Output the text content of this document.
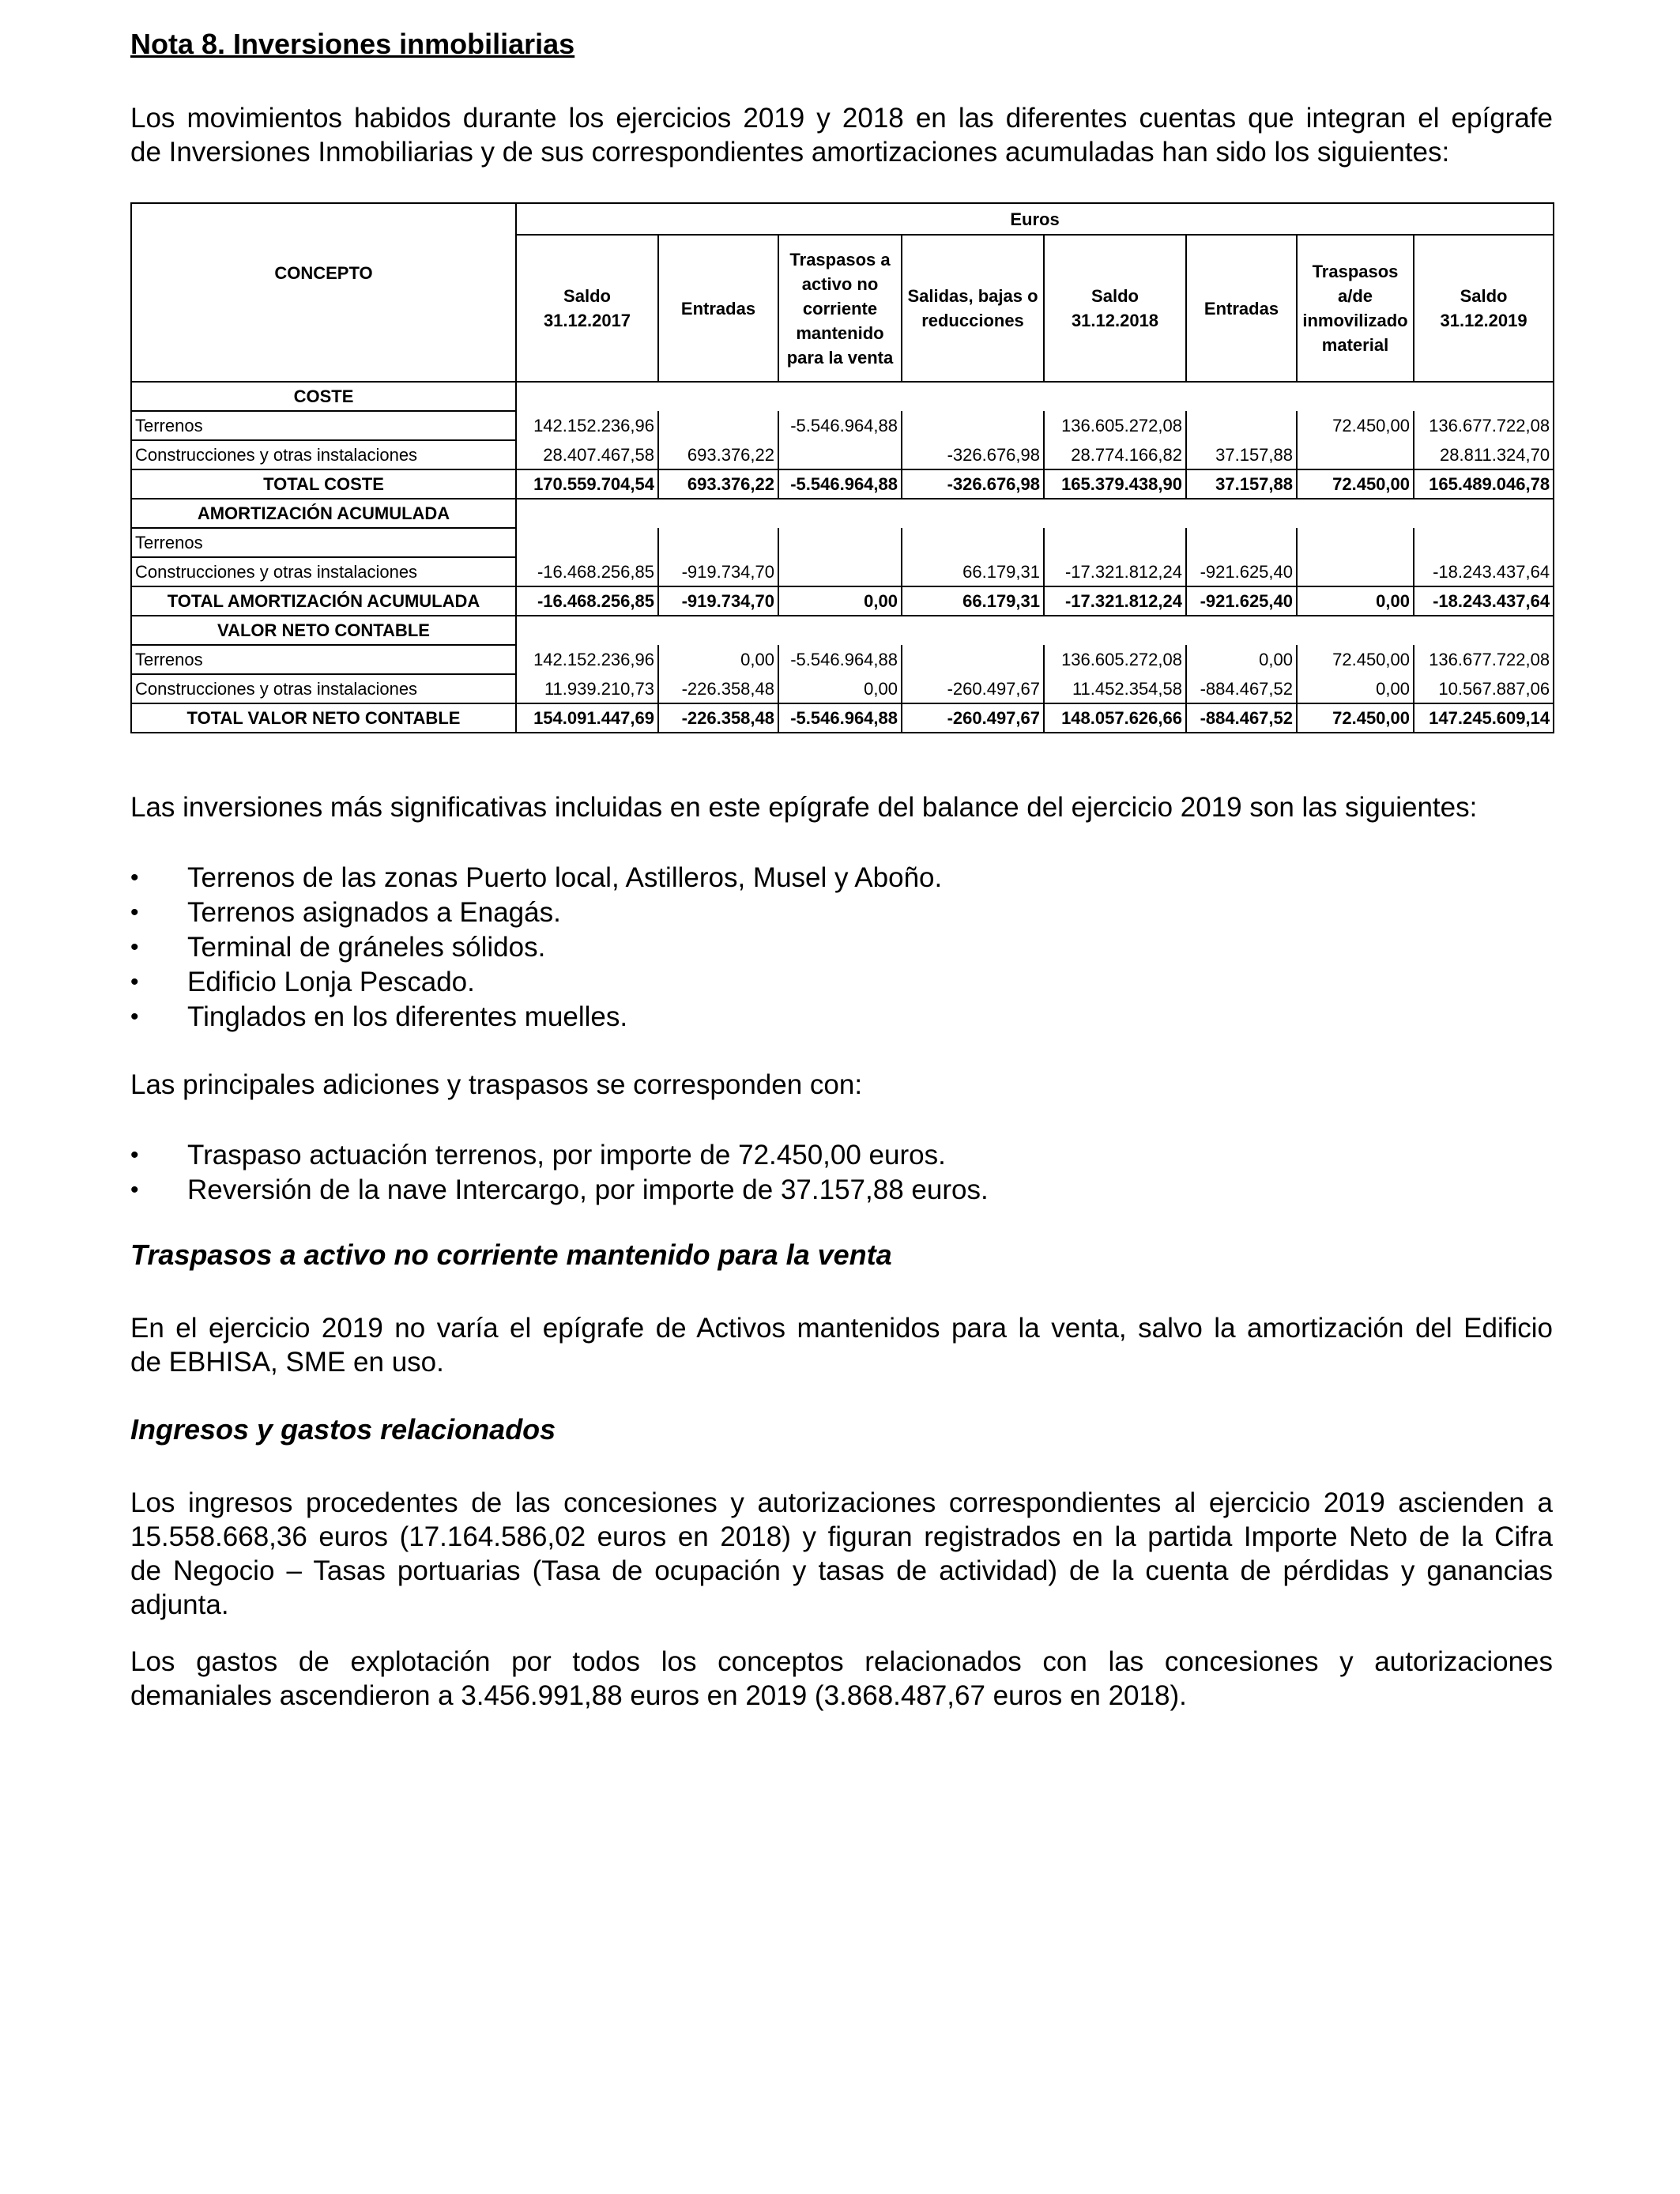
Nota 8. Inversiones inmobiliarias
Los movimientos habidos durante los ejercicios 2019 y 2018 en las diferentes cuentas que integran el epígrafe
de Inversiones Inmobiliarias y de sus correspondientes amortizaciones acumuladas han sido los siguientes:
	Euros							
CONCEPTO	Saldo 31.12.2017	Entradas	Traspasos a activo no corriente mantenido para la venta	Salidas, bajas o reducciones	Saldo 31.12.2018	Entradas	Traspasos a/de inmovilizado material	Saldo 31.12.2019
COSTE								
Terrenos	142.152.236,96		-5.546.964,88		136.605.272,08		72.450,00	136.677.722,08
Construcciones y otras instalaciones	28.407.467,58	693.376,22		-326.676,98	28.774.166,82	37.157,88		28.811.324,70
TOTAL COSTE	170.559.704,54	693.376,22	-5.546.964,88	-326.676,98	165.379.438,90	37.157,88	72.450,00	165.489.046,78
AMORTIZACIÓN ACUMULADA								
Terrenos								
Construcciones y otras instalaciones	-16.468.256,85	-919.734,70		66.179,31	-17.321.812,24	-921.625,40		-18.243.437,64
TOTAL AMORTIZACIÓN ACUMULADA	-16.468.256,85	-919.734,70	0,00	66.179,31	-17.321.812,24	-921.625,40	0,00	-18.243.437,64
VALOR NETO CONTABLE								
Terrenos	142.152.236,96	0,00	-5.546.964,88		136.605.272,08	0,00	72.450,00	136.677.722,08
Construcciones y otras instalaciones	11.939.210,73	-226.358,48	0,00	-260.497,67	11.452.354,58	-884.467,52	0,00	10.567.887,06
TOTAL VALOR NETO CONTABLE	154.091.447,69	-226.358,48	-5.546.964,88	-260.497,67	148.057.626,66	-884.467,52	72.450,00	147.245.609,14
Las inversiones más significativas incluidas en este epígrafe del balance del ejercicio 2019 son las siguientes:
• Terrenos de las zonas Puerto local, Astilleros, Musel y Aboño.
• Terrenos asignados a Enagás.
• Terminal de gráneles sólidos.
• Edificio Lonja Pescado.
• Tinglados en los diferentes muelles.
Las principales adiciones y traspasos se corresponden con:
• Traspaso actuación terrenos, por importe de 72.450,00 euros.
• Reversión de la nave Intercargo, por importe de 37.157,88 euros.
Traspasos a activo no corriente mantenido para la venta
En el ejercicio 2019 no varía el epígrafe de Activos mantenidos para la venta, salvo la amortización del Edificio
de EBHISA, SME en uso.
Ingresos y gastos relacionados
Los ingresos procedentes de las concesiones y autorizaciones correspondientes al ejercicio 2019 ascienden a
15.558.668,36 euros (17.164.586,02 euros en 2018) y figuran registrados en la partida Importe Neto de la Cifra
de Negocio – Tasas portuarias (Tasa de ocupación y tasas de actividad) de la cuenta de pérdidas y ganancias
adjunta.
Los gastos de explotación por todos los conceptos relacionados con las concesiones y autorizaciones
demaniales ascendieron a 3.456.991,88 euros en 2019 (3.868.487,67 euros en 2018).
